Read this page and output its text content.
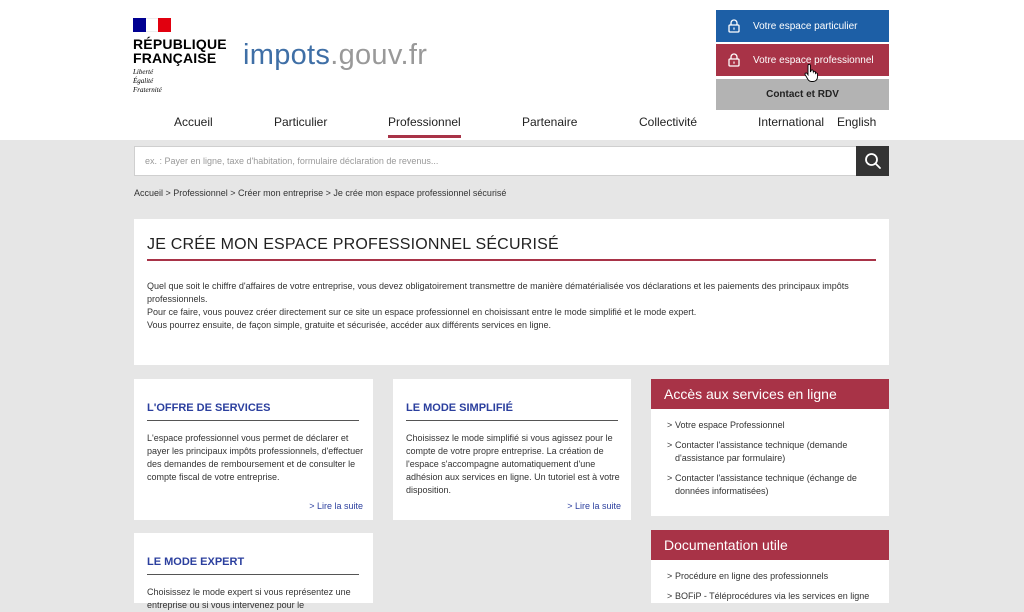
RÉPUBLIQUE
FRANÇAISE
Liberté
Égalité
Fraternité
impots.gouv.fr
Votre espace particulier
Votre espace professionnel
Contact et RDV
Accueil	Particulier	Professionnel	Partenaire	Collectivité	International English
ex. : Payer en ligne, taxe d'habitation, formulaire déclaration de revenus...
Accueil > Professionnel > Créer mon entreprise > Je crée mon espace professionnel sécurisé
JE CRÉE MON ESPACE PROFESSIONNEL SÉCURISÉ
Quel que soit le chiffre d'affaires de votre entreprise, vous devez obligatoirement transmettre de manière dématérialisée vos déclarations et les paiements des principaux impôts professionnels.
Pour ce faire, vous pouvez créer directement sur ce site un espace professionnel en choisissant entre le mode simplifié et le mode expert.
Vous pourrez ensuite, de façon simple, gratuite et sécurisée, accéder aux différents services en ligne.
L'OFFRE DE SERVICES
L'espace professionnel vous permet de déclarer et payer les principaux impôts professionnels, d'effectuer des demandes de remboursement et de consulter le compte fiscal de votre entreprise.
> Lire la suite
LE MODE SIMPLIFIÉ
Choisissez le mode simplifié si vous agissez pour le compte de votre propre entreprise. La création de l'espace s'accompagne automatiquement d'une adhésion aux services en ligne. Un tutoriel est à votre disposition.
> Lire la suite
LE MODE EXPERT
Choisissez le mode expert si vous représentez une entreprise ou si vous intervenez pour le
Accès aux services en ligne
> Votre espace Professionnel
> Contacter l'assistance technique (demande d'assistance par formulaire)
> Contacter l'assistance technique (échange de données informatisées)
Documentation utile
> Procédure en ligne des professionnels
> BOFiP - Téléprocédures via les services en ligne
